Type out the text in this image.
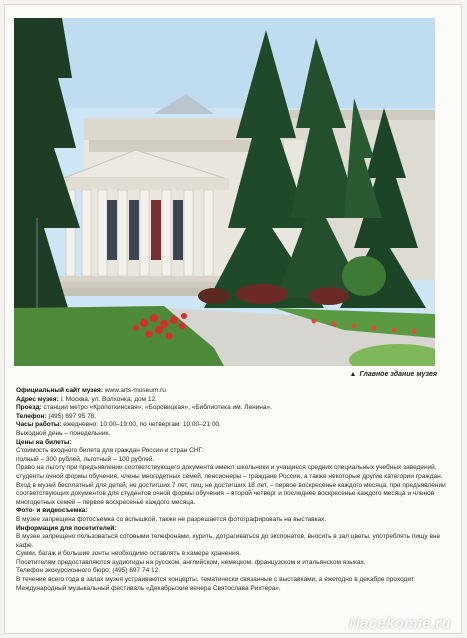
▲ Главное здание музея

Официальный сайт музея: www.arts-museum.ru

Адрес музея: г. Москва, ул. Волхонка, дом 12.

Проезд: станции метро «Кропоткинская», «Боровицкая», «Библиотека им. Ленина».

Телефон: (495) 697 95 78.

Часы работы: ежедневно: 10:00–19:00, по четвергам: 10:00–21:00.

Выходной день – понедельник.

Цены на билеты:

Стоимость входного билета для граждан России и стран СНГ:

полный – 300 рублей, льготный – 100 рублей.

Право на льготу при предъявлении соответствующего документа имеют школьники и учащиеся средних специальных учебных заведений, студенты очной формы обучения, члены многодетных семей, пенсионеры – граждане России, а также некоторые другие категории граждан.

Вход в музей бесплатный для детей, не достигших 7 лет, лиц, не достигших 18 лет, – первое воскресенье каждого месяца, при предъявлении соответствующих документов для студентов очной формы обучения – второй четверг и последнее воскресенье каждого месяца и членов многодетных семей – первое воскресенье каждого месяца.

Фото- и видеосъемка:

В музее запрещена фотосъемка со вспышкой, также не разрешается фотографировать на выставках.

Информация для посетителей:

В музее запрещено пользоваться сотовыми телефонами, курить, дотрагиваться до экспонатов, вносить в зал цветы, употреблять пищу вне кафе.

Сумки, багаж и большие зонты необходимо оставлять в камере хранения.

Посетителям предоставляются аудиогиды на русском, английском, немецком, французском и итальянском языках.

Телефон экскурсионного бюро: (495) 697 74 12.

В течение всего года в залах музея устраиваются концерты, тематически связанные с выставками, а ежегодно в декабре проходит Международный музыкальный фестиваль «Декабрьские вечера Святослава Рихтера».

Nacekomie.ru
